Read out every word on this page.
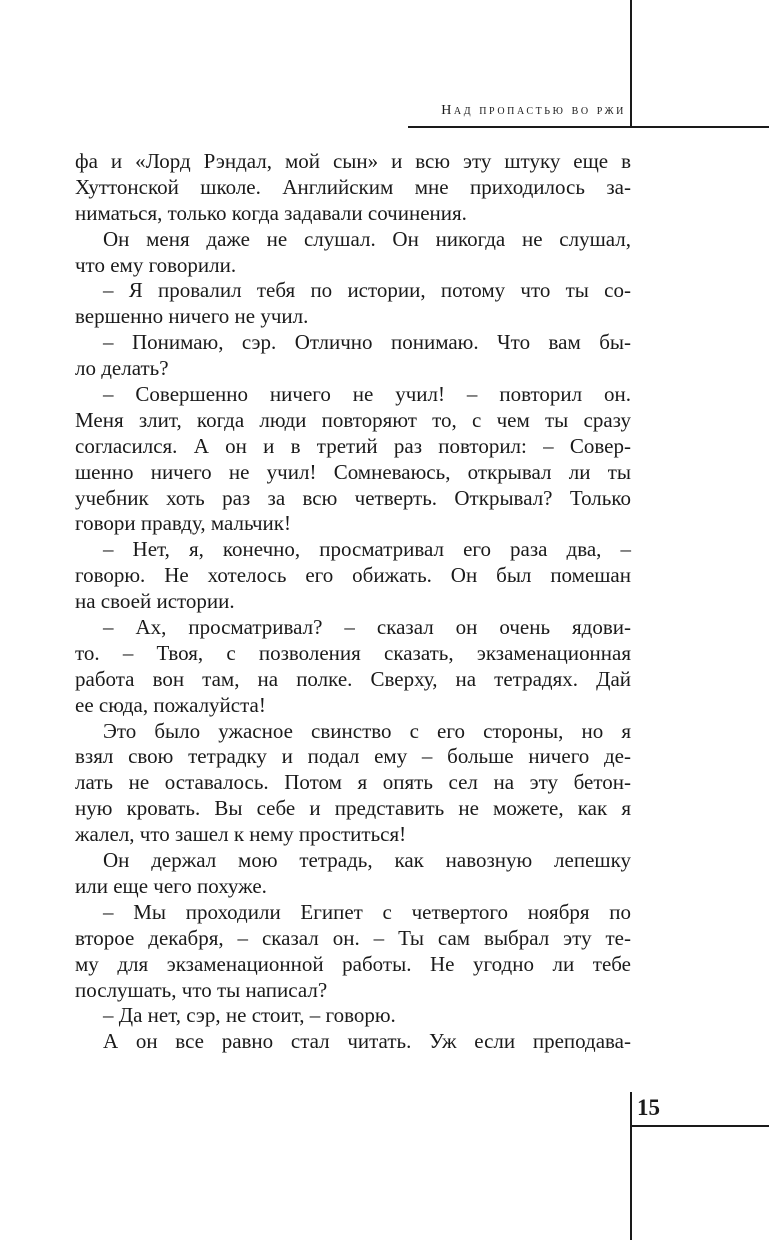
Над пропастью во ржи
фа и «Лорд Рэндал, мой сын» и всю эту штуку еще в
Хуттонской школе. Английским мне приходилось за-
ниматься, только когда задавали сочинения.
Он меня даже не слушал. Он никогда не слушал,
что ему говорили.
– Я провалил тебя по истории, потому что ты со-
вершенно ничего не учил.
– Понимаю, сэр. Отлично понимаю. Что вам бы-
ло делать?
– Совершенно ничего не учил! – повторил он.
Меня злит, когда люди повторяют то, с чем ты сразу
согласился. А он и в третий раз повторил: – Совер-
шенно ничего не учил! Сомневаюсь, открывал ли ты
учебник хоть раз за всю четверть. Открывал? Только
говори правду, мальчик!
– Нет, я, конечно, просматривал его раза два, –
говорю. Не хотелось его обижать. Он был помешан
на своей истории.
– Ах, просматривал? – сказал он очень ядови-
то. – Твоя, с позволения сказать, экзаменационная
работа вон там, на полке. Сверху, на тетрадях. Дай
ее сюда, пожалуйста!
Это было ужасное свинство с его стороны, но я
взял свою тетрадку и подал ему – больше ничего де-
лать не оставалось. Потом я опять сел на эту бетон-
ную кровать. Вы себе и представить не можете, как я
жалел, что зашел к нему проститься!
Он держал мою тетрадь, как навозную лепешку
или еще чего похуже.
– Мы проходили Египет с четвертого ноября по
второе декабря, – сказал он. – Ты сам выбрал эту те-
му для экзаменационной работы. Не угодно ли тебе
послушать, что ты написал?
– Да нет, сэр, не стоит, – говорю.
А он все равно стал читать. Уж если преподава-
15
